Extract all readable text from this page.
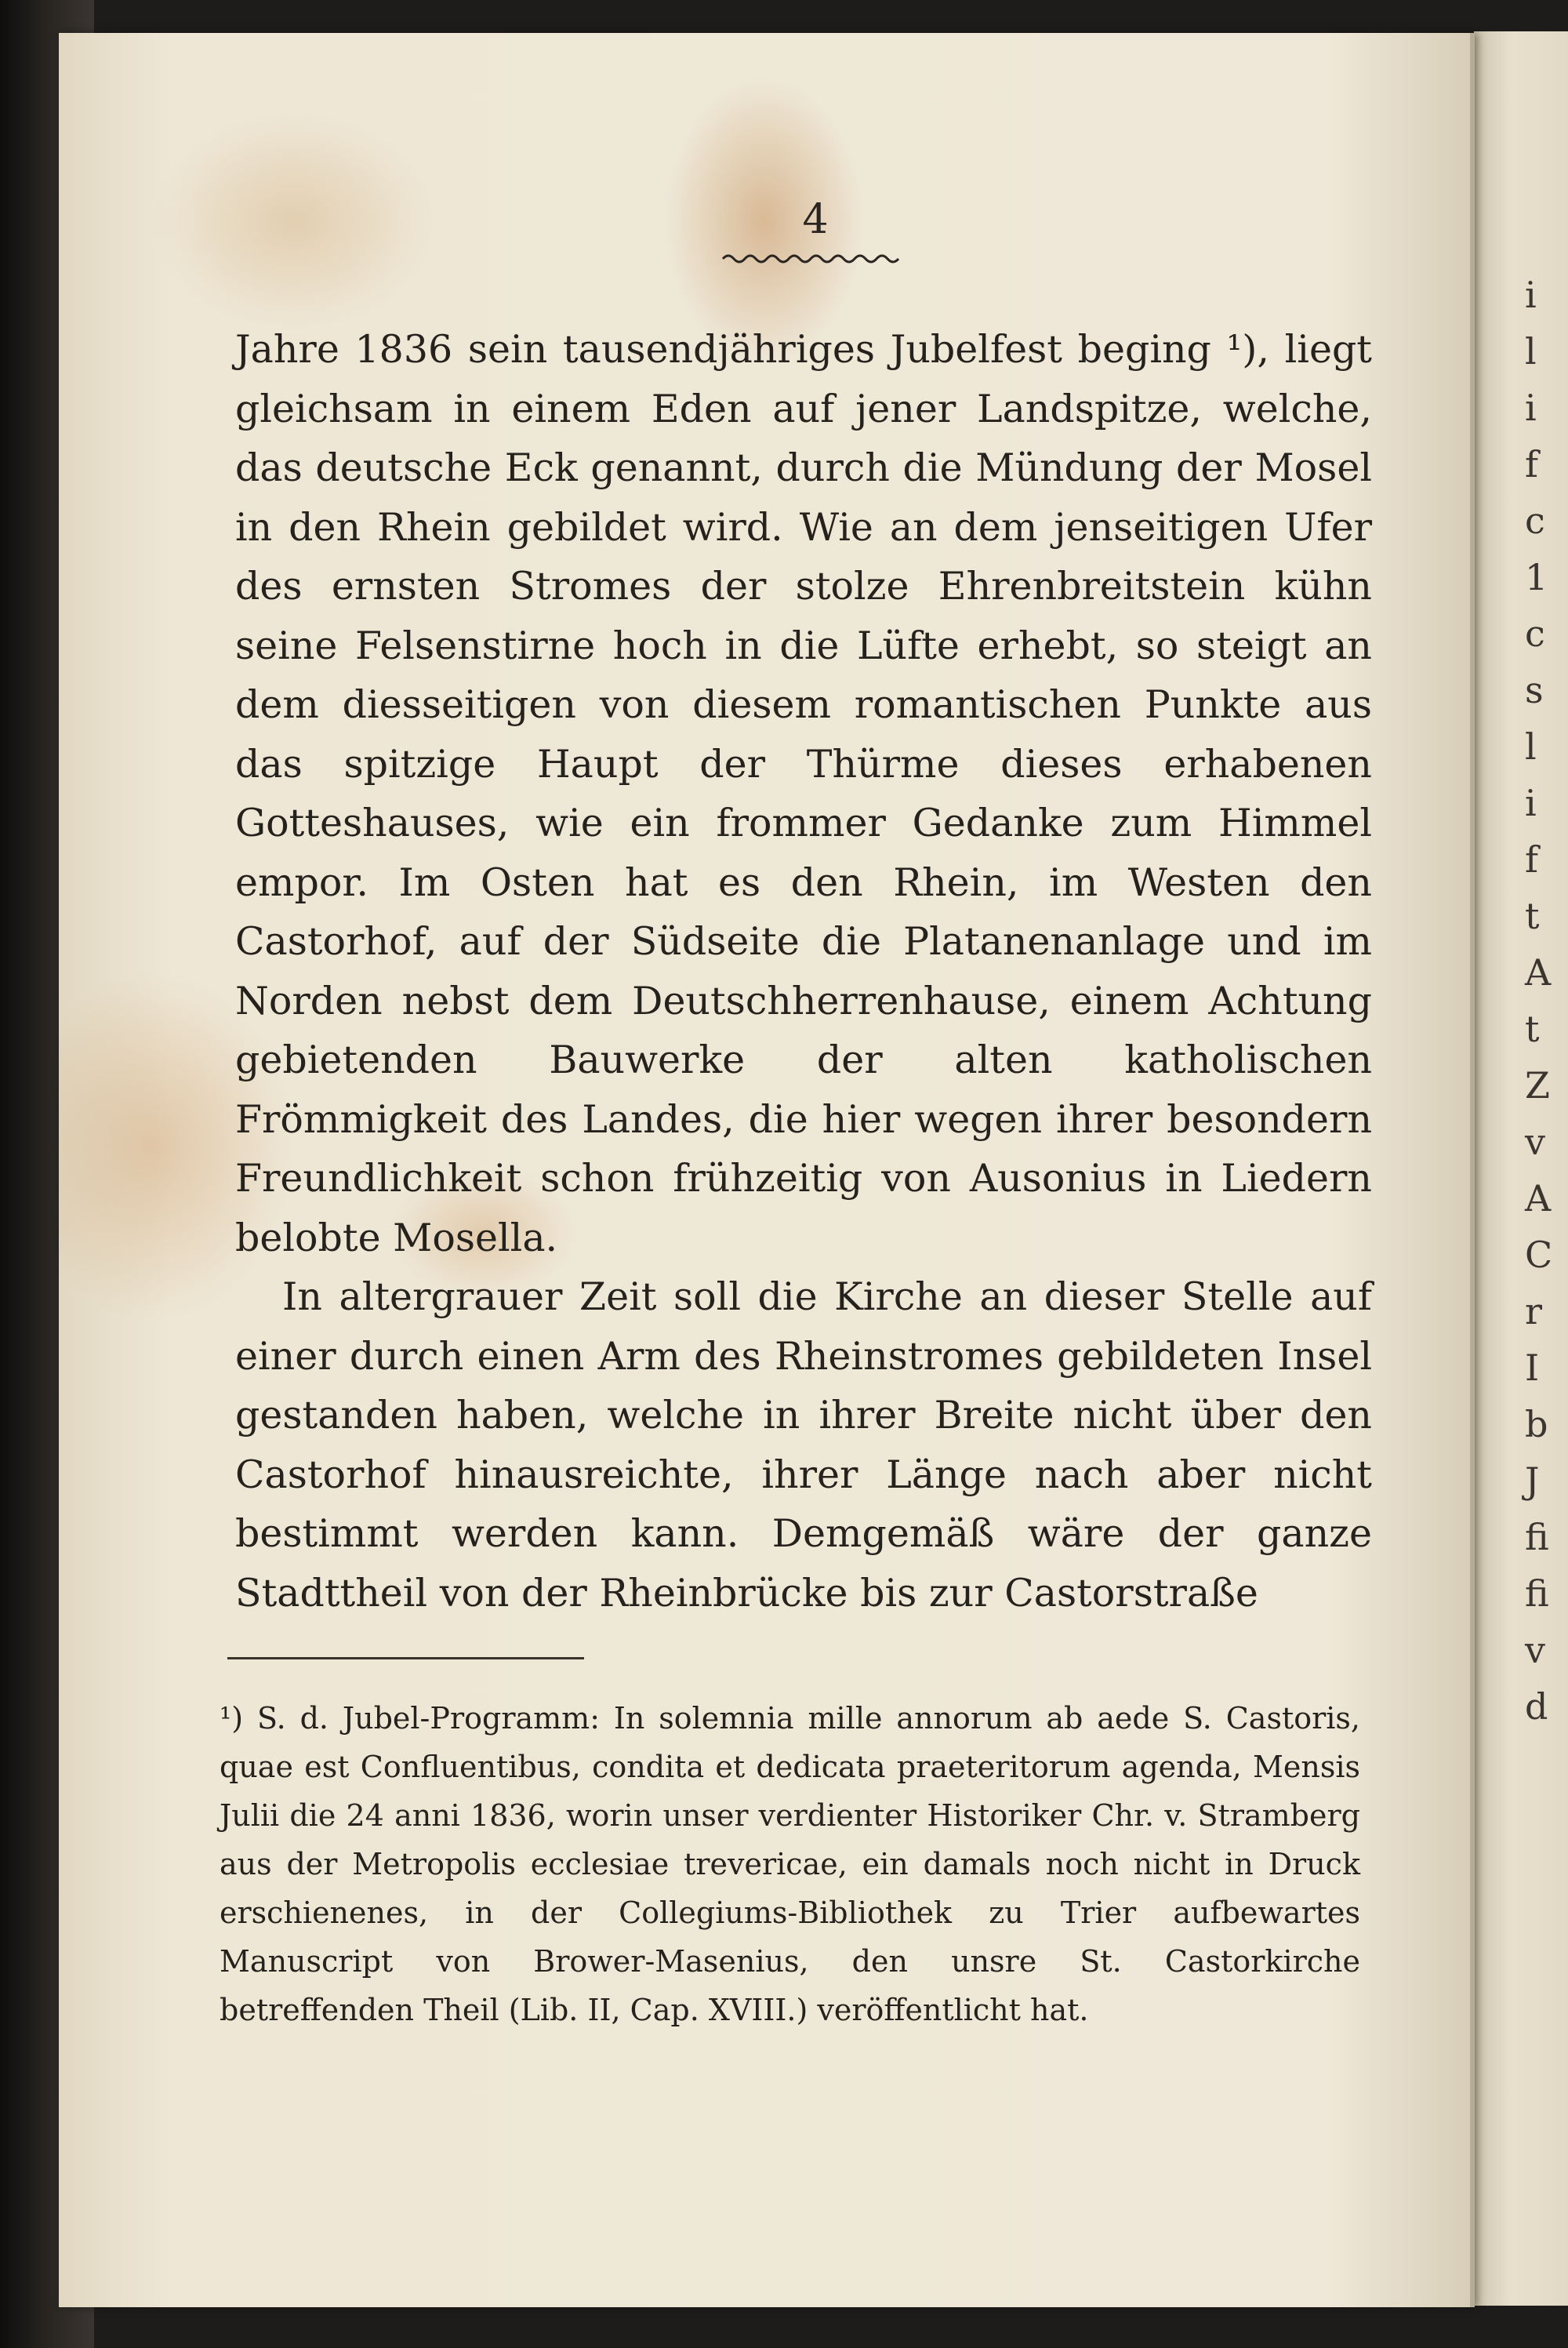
i
l
i
f
c
1
c
s
l
i
f
t
A
t
Z
v
A
C
r
I
b
J
fi
fi
v
d
4

Jahre 1836 sein tausendjähriges Jubelfest beging ¹), liegt gleichsam in einem Eden auf jener Landspitze, welche, das deutsche Eck genannt, durch die Mündung der Mosel in den Rhein gebildet wird. Wie an dem jenseitigen Ufer des ernsten Stromes der stolze Ehrenbreitstein kühn seine Felsenstirne hoch in die Lüfte erhebt, so steigt an dem diesseitigen von diesem romantischen Punkte aus das spitzige Haupt der Thürme dieses erhabenen Gotteshauses, wie ein frommer Gedanke zum Himmel empor. Im Osten hat es den Rhein, im Westen den Castorhof, auf der Südseite die Platanenanlage und im Norden nebst dem Deutschherrenhause, einem Achtung gebietenden Bauwerke der alten katholischen Frömmigkeit des Landes, die hier wegen ihrer besondern Freundlichkeit schon frühzeitig von Ausonius in Liedern belobte Mosella.

In altergrauer Zeit soll die Kirche an dieser Stelle auf einer durch einen Arm des Rheinstromes gebildeten Insel gestanden haben, welche in ihrer Breite nicht über den Castorhof hinausreichte, ihrer Länge nach aber nicht bestimmt werden kann. Demgemäß wäre der ganze Stadttheil von der Rheinbrücke bis zur Castorstraße

¹) S. d. Jubel-Programm: In solemnia mille annorum ab aede S. Castoris, quae est Confluentibus, condita et dedicata praeteritorum agenda, Mensis Julii die 24 anni 1836, worin unser verdienter Historiker Chr. v. Stramberg aus der Metropolis ecclesiae trevericae, ein damals noch nicht in Druck erschienenes, in der Collegiums-Bibliothek zu Trier aufbewartes Manuscript von Brower-Masenius, den unsre St. Castorkirche betreffenden Theil (Lib. II, Cap. XVIII.) veröffentlicht hat.
